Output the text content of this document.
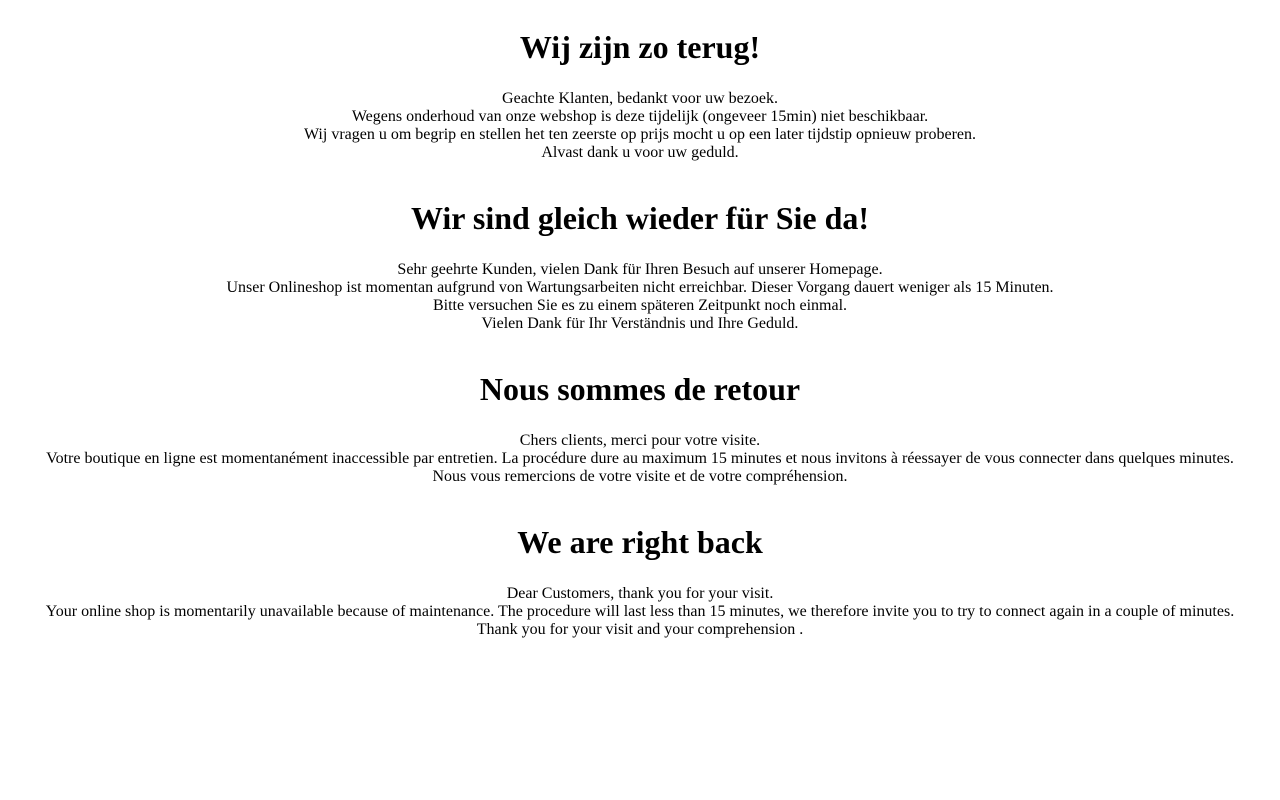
Wij zijn zo terug!

Geachte Klanten, bedankt voor uw bezoek.
Wegens onderhoud van onze webshop is deze tijdelijk (ongeveer 15min) niet beschikbaar.
Wij vragen u om begrip en stellen het ten zeerste op prijs mocht u op een later tijdstip opnieuw proberen.
Alvast dank u voor uw geduld.

Wir sind gleich wieder für Sie da!

Sehr geehrte Kunden, vielen Dank für Ihren Besuch auf unserer Homepage.
Unser Onlineshop ist momentan aufgrund von Wartungsarbeiten nicht erreichbar. Dieser Vorgang dauert weniger als 15 Minuten.
Bitte versuchen Sie es zu einem späteren Zeitpunkt noch einmal.
Vielen Dank für Ihr Verständnis und Ihre Geduld.

Nous sommes de retour

Chers clients, merci pour votre visite.
Votre boutique en ligne est momentanément inaccessible par entretien. La procédure dure au maximum 15 minutes et nous invitons à réessayer de vous connecter dans quelques minutes.
Nous vous remercions de votre visite et de votre compréhension.

We are right back

Dear Customers, thank you for your visit.
Your online shop is momentarily unavailable because of maintenance. The procedure will last less than 15 minutes, we therefore invite you to try to connect again in a couple of minutes.
Thank you for your visit and your comprehension .
